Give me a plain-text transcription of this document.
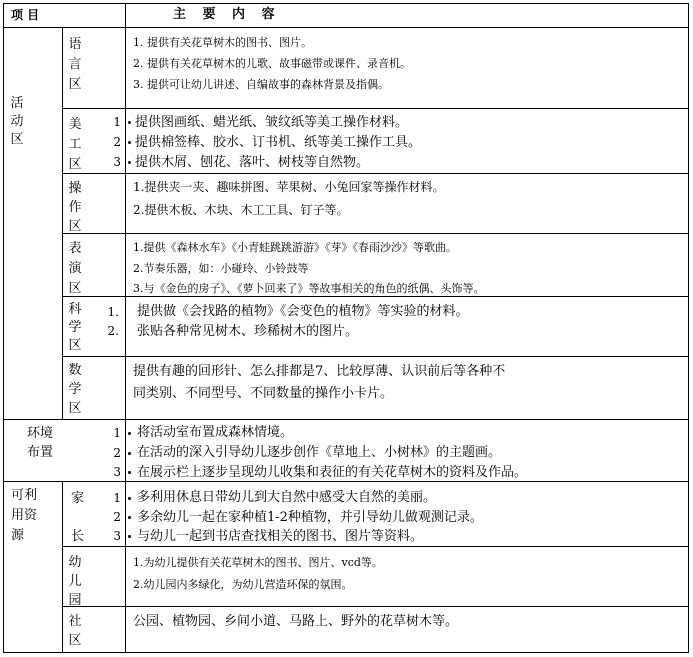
项 目	主 要 内 容
活动区
语言区
1. 提供有关花草树木的图书、图片。
2. 提供有关花草树木的儿歌、故事磁带或课件、录音机。
3. 提供可让幼儿讲述、自编故事的森林背景及指偶。
美工区
1
2
3
提供图画纸、蜡光纸、皱纹纸等美工操作材料。
提供棉签棒、胶水、订书机、纸等美工操作工具。
提供木屑、刨花、落叶、树枝等自然物。
操作区
1.提供夹一夹、趣味拼图、苹果树、小兔回家等操作材料。
2.提供木板、木块、木工工具、钉子等。
表演区
1.提供《森林水车》《小青蛙跳跳游游》《芽》《春雨沙沙》等歌曲。
2.节奏乐器，如：小碰玲、小铃鼓等
3.与《金色的房子》、《萝卜回来了》等故事相关的角色的纸偶、头饰等。
科学区
1.
2.
提供做《会找路的植物》《会变色的植物》等实验的材料。
张贴各种常见树木、珍稀树木的图片。
数学区
提供有趣的回形针、怎么排都是7、比较厚薄、认识前后等各种不
同类别、不同型号、不同数量的操作小卡片。
环境
布置
1
2
3
将活动室布置成森林情境。
在活动的深入引导幼儿逐步创作《草地上、小树林》的主题画。
在展示栏上逐步呈现幼儿收集和表征的有关花草树木的资料及作品。
可利
用资
源
家
长
1
2
3
多利用休息日带幼儿到大自然中感受大自然的美丽。
多余幼儿一起在家种植1-2种植物，并引导幼儿做观测记录。
与幼儿一起到书店查找相关的图书、图片等资料。
幼儿园
1.为幼儿提供有关花草树木的图书、图片、vcd等。
2.幼儿园内多绿化，为幼儿营造环保的氛围。
社区
公园、植物园、乡间小道、马路上、野外的花草树木等。
